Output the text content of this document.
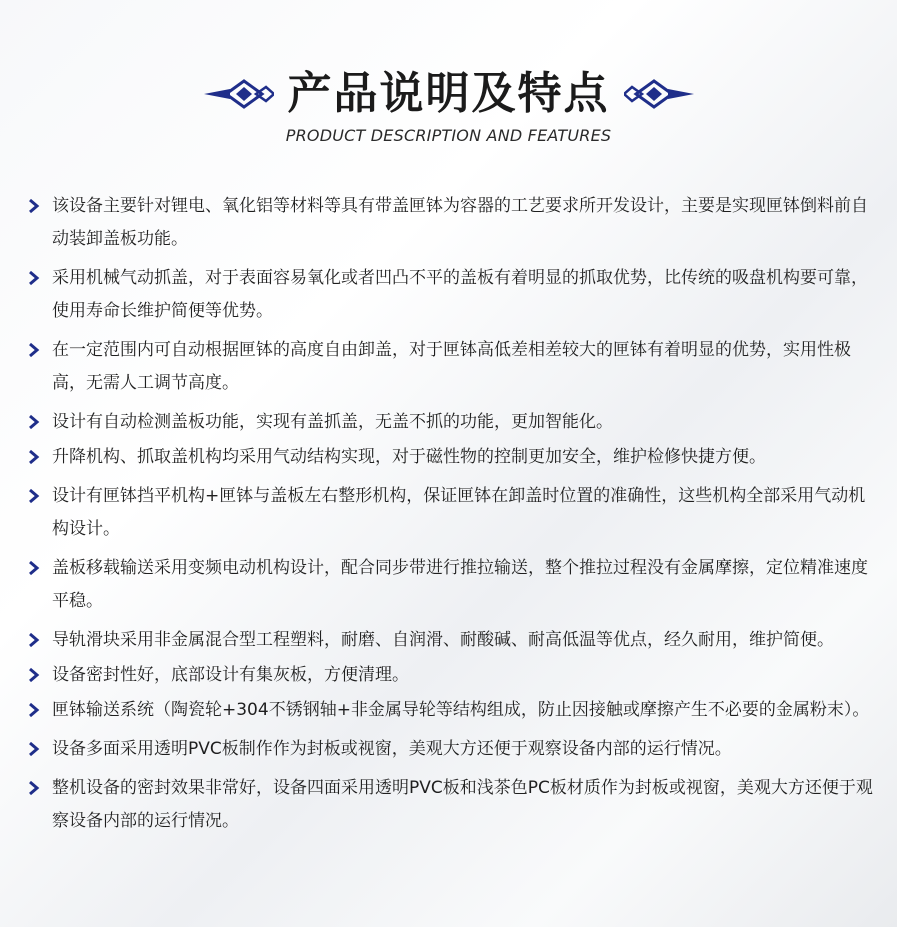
产品说明及特点
PRODUCT DESCRIPTION AND FEATURES
该设备主要针对锂电、氧化铝等材料等具有带盖匣钵为容器的工艺要求所开发设计，主要是实现匣钵倒料前自动装卸盖板功能。
采用机械气动抓盖，对于表面容易氧化或者凹凸不平的盖板有着明显的抓取优势，比传统的吸盘机构要可靠，使用寿命长维护简便等优势。
在一定范围内可自动根据匣钵的高度自由卸盖，对于匣钵高低差相差较大的匣钵有着明显的优势，实用性极高，无需人工调节高度。
设计有自动检测盖板功能，实现有盖抓盖，无盖不抓的功能，更加智能化。
升降机构、抓取盖机构均采用气动结构实现，对于磁性物的控制更加安全，维护检修快捷方便。
设计有匣钵挡平机构+匣钵与盖板左右整形机构，保证匣钵在卸盖时位置的准确性，这些机构全部采用气动机构设计。
盖板移载输送采用变频电动机构设计，配合同步带进行推拉输送，整个推拉过程没有金属摩擦，定位精准速度平稳。
导轨滑块采用非金属混合型工程塑料，耐磨、自润滑、耐酸碱、耐高低温等优点，经久耐用，维护简便。
设备密封性好，底部设计有集灰板，方便清理。
匣钵输送系统（陶瓷轮+304不锈钢轴+非金属导轮等结构组成，防止因接触或摩擦产生不必要的金属粉末）。
设备多面采用透明PVC板制作作为封板或视窗，美观大方还便于观察设备内部的运行情况。
整机设备的密封效果非常好，设备四面采用透明PVC板和浅茶色PC板材质作为封板或视窗，美观大方还便于观察设备内部的运行情况。
